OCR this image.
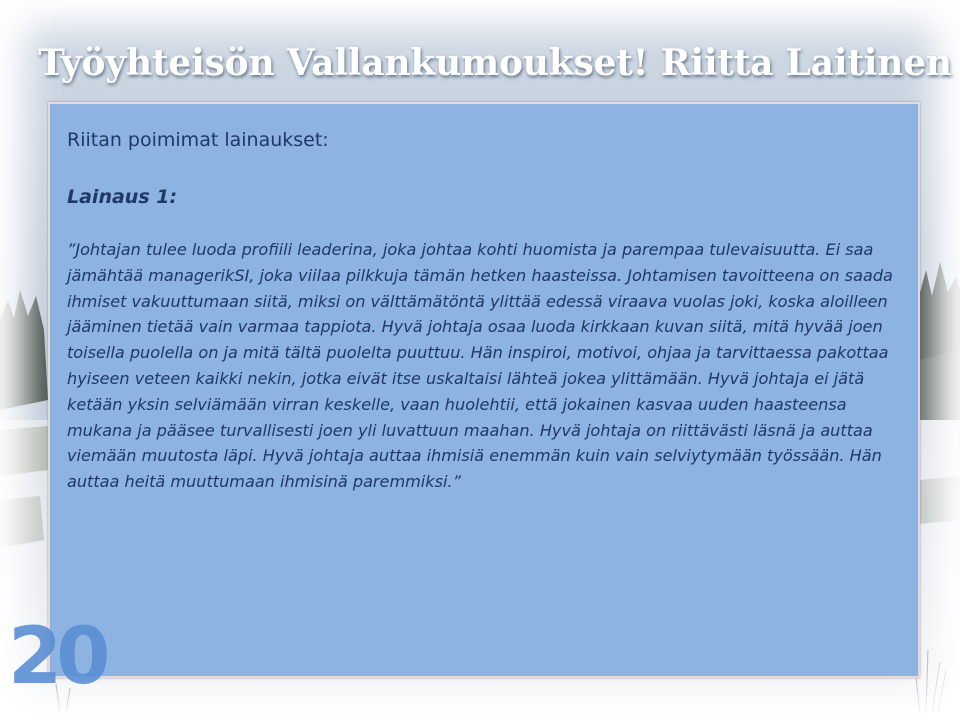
Työyhteisön Vallankumoukset! Riitta Laitinen
Riitan poimimat lainaukset:
Lainaus 1:
”Johtajan tulee luoda profiili leaderina, joka johtaa kohti huomista ja parempaa tulevaisuutta. Ei saa jämähtää managerikSI, joka viilaa pilkkuja tämän hetken haasteissa. Johtamisen tavoitteena on saada ihmiset vakuuttumaan siitä, miksi on välttämätöntä ylittää edessä viraava vuolas joki, koska aloilleen jääminen tietää vain varmaa tappiota. Hyvä johtaja osaa luoda kirkkaan kuvan siitä, mitä hyvää joen toisella puolella on ja mitä tältä puolelta puuttuu. Hän inspiroi, motivoi, ohjaa ja tarvittaessa pakottaa hyiseen veteen kaikki nekin, jotka eivät itse uskaltaisi lähteä jokea ylittämään. Hyvä johtaja ei jätä ketään yksin selviämään virran keskelle, vaan huolehtii, että jokainen kasvaa uuden haasteensa mukana ja pääsee turvallisesti joen yli luvattuun maahan. Hyvä johtaja on riittävästi läsnä ja auttaa viemään muutosta läpi. Hyvä johtaja auttaa ihmisiä enemmän kuin vain selviytymään työssään. Hän auttaa heitä muuttumaan ihmisinä paremmiksi.”
20
